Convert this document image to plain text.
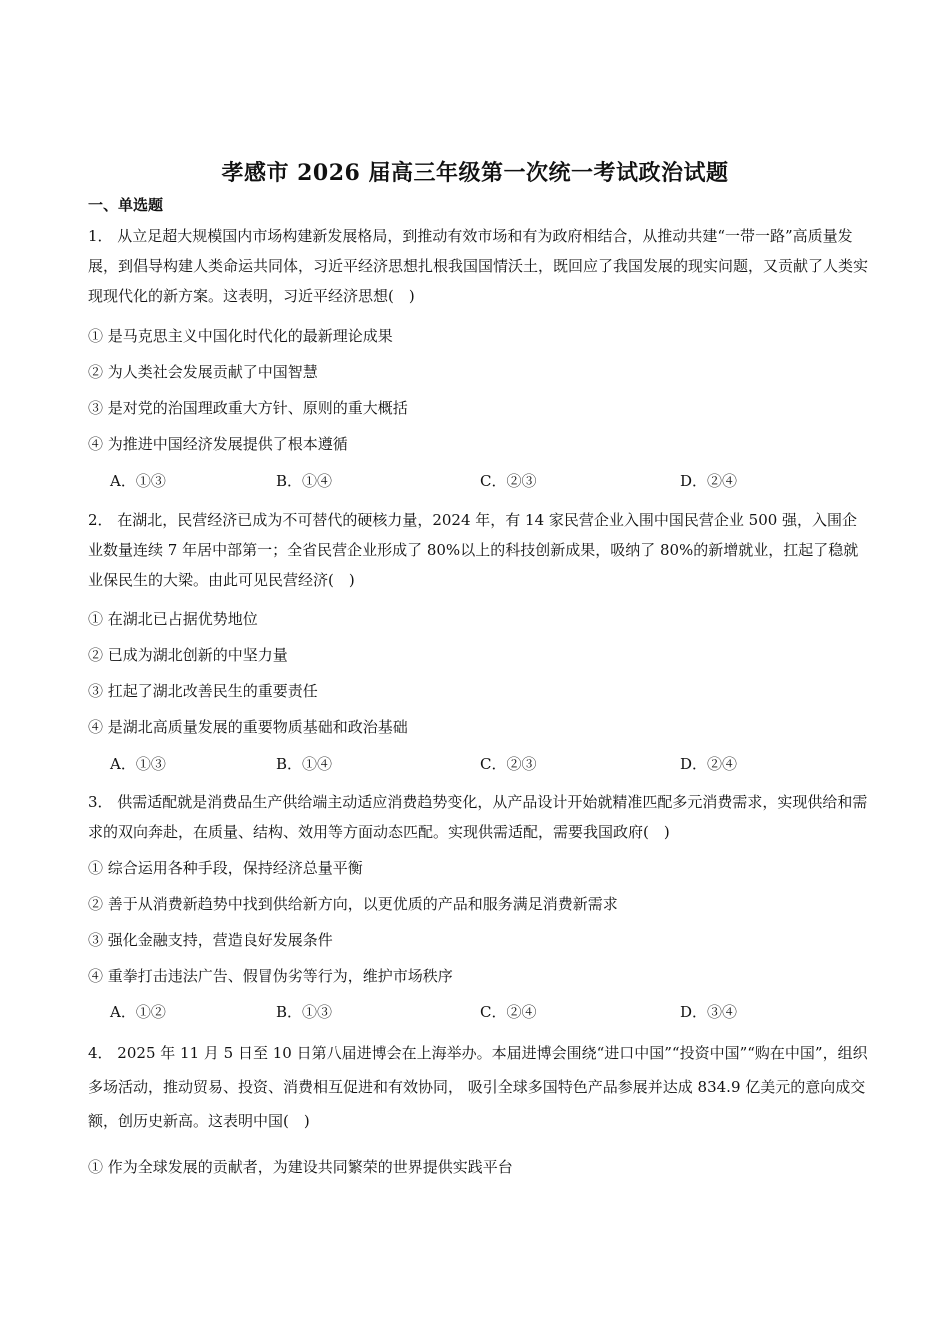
孝感市 2026 届高三年级第一次统一考试政治试题
一、单选题
1． 从立足超大规模国内市场构建新发展格局，到推动有效市场和有为政府相结合，从推动共建“一带一路”高质量发展，到倡导构建人类命运共同体，习近平经济思想扎根我国国情沃土，既回应了我国发展的现实问题，又贡献了人类实现现代化的新方案。这表明，习近平经济思想(　)
① 是马克思主义中国化时代化的最新理论成果
② 为人类社会发展贡献了中国智慧
③ 是对党的治国理政重大方针、原则的重大概括
④ 为推进中国经济发展提供了根本遵循
A．①③	B．①④	C．②③	D．②④
2． 在湖北，民营经济已成为不可替代的硬核力量，2024 年，有 14 家民营企业入围中国民营企业 500 强，入围企业数量连续 7 年居中部第一；全省民营企业形成了 80%以上的科技创新成果，吸纳了 80%的新增就业，扛起了稳就业保民生的大梁。由此可见民营经济(　)
① 在湖北已占据优势地位
② 已成为湖北创新的中坚力量
③ 扛起了湖北改善民生的重要责任
④ 是湖北高质量发展的重要物质基础和政治基础
A．①③	B．①④	C．②③	D．②④
3． 供需适配就是消费品生产供给端主动适应消费趋势变化，从产品设计开始就精准匹配多元消费需求，实现供给和需求的双向奔赴，在质量、结构、效用等方面动态匹配。实现供需适配，需要我国政府(　)
① 综合运用各种手段，保持经济总量平衡
② 善于从消费新趋势中找到供给新方向，以更优质的产品和服务满足消费新需求
③ 强化金融支持，营造良好发展条件
④ 重拳打击违法广告、假冒伪劣等行为，维护市场秩序
A．①②	B．①③	C．②④	D．③④
4． 2025 年 11 月 5 日至 10 日第八届进博会在上海举办。本届进博会围绕“进口中国”“投资中国”“购在中国”，组织多场活动，推动贸易、投资、消费相互促进和有效协同， 吸引全球多国特色产品参展并达成 834.9 亿美元的意向成交额，创历史新高。这表明中国(　)
① 作为全球发展的贡献者，为建设共同繁荣的世界提供实践平台
